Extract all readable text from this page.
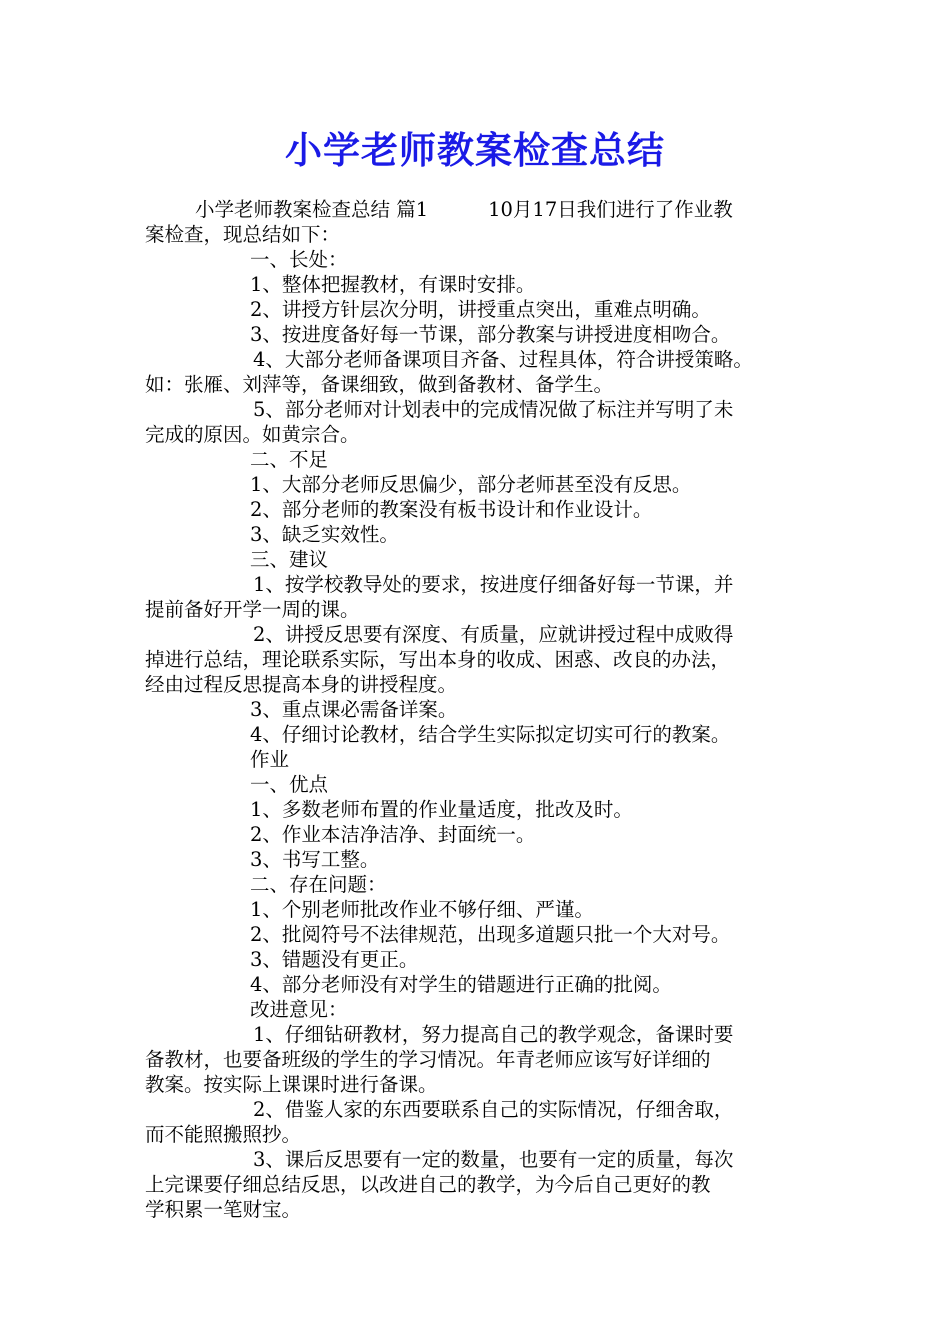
小学老师教案检查总结

小学老师教案检查总结 篇1	10月17日我们进行了作业教

案检查，现总结如下：

一、长处：

1、整体把握教材，有课时安排。

2、讲授方针层次分明，讲授重点突出，重难点明确。

3、按进度备好每一节课，部分教案与讲授进度相吻合。

4、大部分老师备课项目齐备、过程具体，符合讲授策略。

如：张雁、刘萍等，备课细致，做到备教材、备学生。

5、部分老师对计划表中的完成情况做了标注并写明了未

完成的原因。如黄宗合。

二、不足

1、大部分老师反思偏少，部分老师甚至没有反思。

2、部分老师的教案没有板书设计和作业设计。

3、缺乏实效性。

三、建议

1、按学校教导处的要求，按进度仔细备好每一节课，并

提前备好开学一周的课。

2、讲授反思要有深度、有质量，应就讲授过程中成败得

掉进行总结，理论联系实际，写出本身的收成、困惑、改良的办法，

经由过程反思提高本身的讲授程度。

3、重点课必需备详案。

4、仔细讨论教材，结合学生实际拟定切实可行的教案。

作业

一、优点

1、多数老师布置的作业量适度，批改及时。

2、作业本洁净洁净、封面统一。

3、书写工整。

二、存在问题：

1、个别老师批改作业不够仔细、严谨。

2、批阅符号不法律规范，出现多道题只批一个大对号。

3、错题没有更正。

4、部分老师没有对学生的错题进行正确的批阅。

改进意见：

1、仔细钻研教材，努力提高自己的教学观念，备课时要

备教材，也要备班级的学生的学习情况。年青老师应该写好详细的

教案。按实际上课课时进行备课。

2、借鉴人家的东西要联系自己的实际情况，仔细舍取，

而不能照搬照抄。

3、课后反思要有一定的数量，也要有一定的质量，每次

上完课要仔细总结反思，以改进自己的教学，为今后自己更好的教

学积累一笔财宝。
